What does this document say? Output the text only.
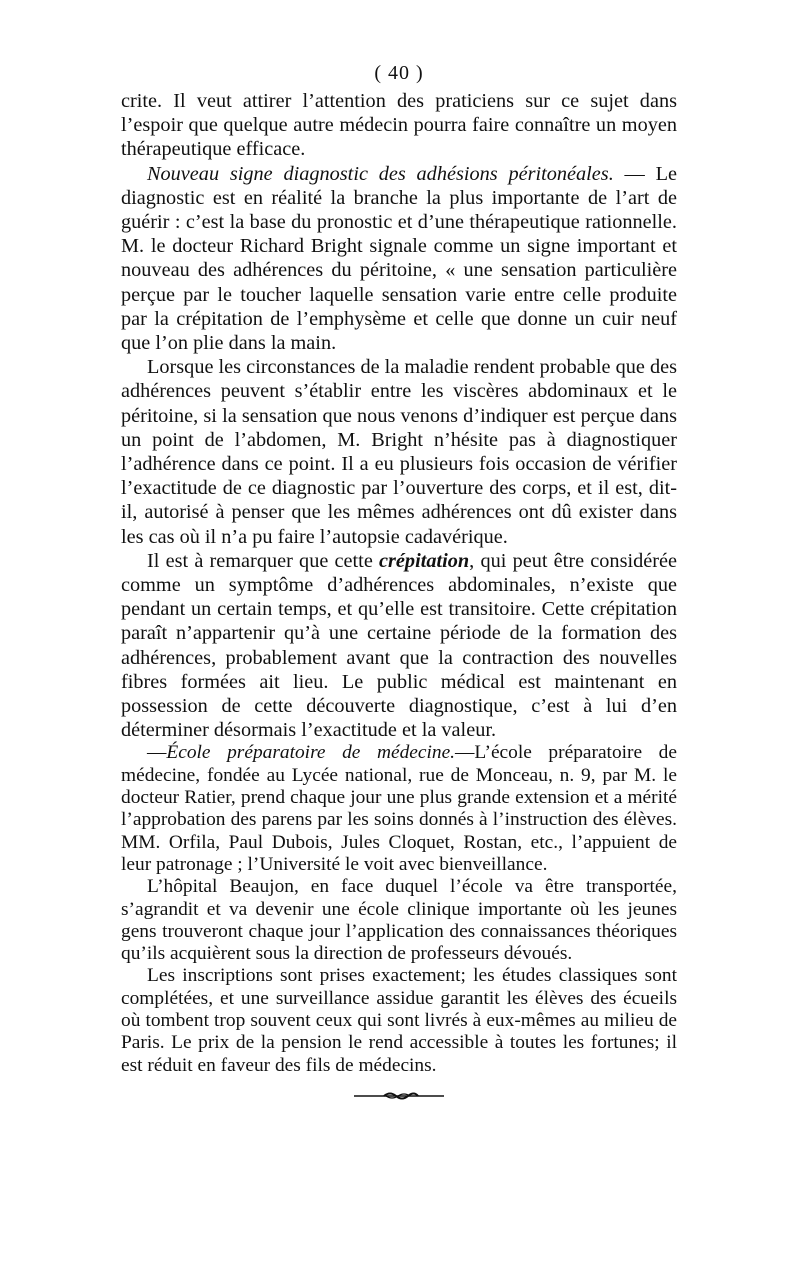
( 40 )

crite. Il veut attirer l’attention des praticiens sur ce sujet dans l’espoir que quelque autre médecin pourra faire connaître un moyen thérapeutique efficace.

Nouveau signe diagnostic des adhésions péritonéales. — Le diagnostic est en réalité la branche la plus importante de l’art de guérir : c’est la base du pronostic et d’une thérapeutique rationnelle. M. le docteur Richard Bright signale comme un signe important et nouveau des adhérences du péritoine, « une sensation particulière perçue par le toucher laquelle sensation varie entre celle produite par la crépitation de l’emphysème et celle que donne un cuir neuf que l’on plie dans la main.

Lorsque les circonstances de la maladie rendent probable que des adhérences peuvent s’établir entre les viscères abdominaux et le péritoine, si la sensation que nous venons d’indiquer est perçue dans un point de l’abdomen, M. Bright n’hésite pas à diagnostiquer l’adhérence dans ce point. Il a eu plusieurs fois occasion de vérifier l’exactitude de ce diagnostic par l’ouverture des corps, et il est, dit-il, autorisé à penser que les mêmes adhérences ont dû exister dans les cas où il n’a pu faire l’autopsie cadavérique.

Il est à remarquer que cette crépitation, qui peut être considérée comme un symptôme d’adhérences abdominales, n’existe que pendant un certain temps, et qu’elle est transitoire. Cette crépitation paraît n’appartenir qu’à une certaine période de la formation des adhérences, probablement avant que la contraction des nouvelles fibres formées ait lieu. Le public médical est maintenant en possession de cette découverte diagnostique, c’est à lui d’en déterminer désormais l’exactitude et la valeur.

—École préparatoire de médecine.—L’école préparatoire de médecine, fondée au Lycée national, rue de Monceau, n. 9, par M. le docteur Ratier, prend chaque jour une plus grande extension et a mérité l’approbation des parens par les soins donnés à l’instruction des élèves. MM. Orfila, Paul Dubois, Jules Cloquet, Rostan, etc., l’appuient de leur patronage ; l’Université le voit avec bienveillance.

L’hôpital Beaujon, en face duquel l’école va être transportée, s’agrandit et va devenir une école clinique importante où les jeunes gens trouveront chaque jour l’application des connaissances théoriques qu’ils acquièrent sous la direction de professeurs dévoués.

Les inscriptions sont prises exactement; les études classiques sont complétées, et une surveillance assidue garantit les élèves des écueils où tombent trop souvent ceux qui sont livrés à eux-mêmes au milieu de Paris. Le prix de la pension le rend accessible à toutes les fortunes; il est réduit en faveur des fils de médecins.
